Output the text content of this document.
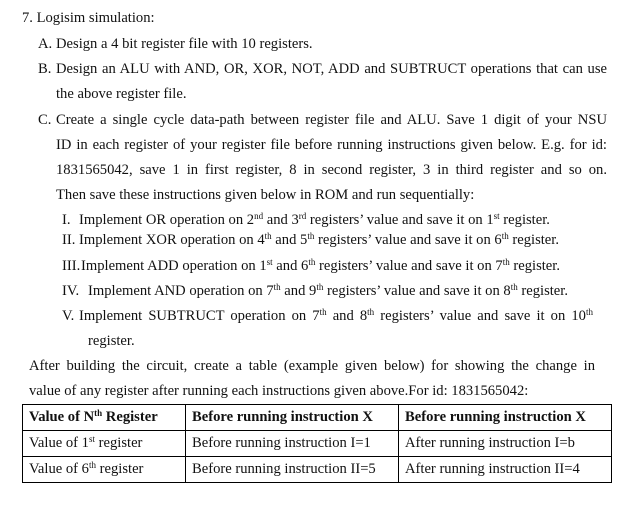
7. Logisim simulation:
A. Design a 4 bit register file with 10 registers.
B. Design an ALU with AND, OR, XOR, NOT, ADD and SUBTRUCT operations that can use
the above register file.
C. Create a single cycle data-path between register file and ALU. Save 1 digit of your NSU
ID in each register of your register file before running instructions given below. E.g. for id:
1831565042, save 1 in first register, 8 in second register, 3 in third register and so on.
Then save these instructions given below in ROM and run sequentially:
I. Implement OR operation on 2nd and 3rd registers’ value and save it on 1st register.
II. Implement XOR operation on 4th and 5th registers’ value and save it on 6th register.
III. Implement ADD operation on 1st and 6th registers’ value and save it on 7th register.
IV. Implement AND operation on 7th and 9th registers’ value and save it on 8th register.
V. Implement SUBTRUCT operation on 7th and 8th registers’ value and save it on 10th
register.
After building the circuit, create a table (example given below) for showing the change in
value of any register after running each instructions given above.For id: 1831565042:
Value of $N^{th}$ Register	Before running instruction X	Before running instruction X
Value of 1st register	Before running instruction I=1	After running instruction I=b
Value of 6th register	Before running instruction II=5	After running instruction II=4
